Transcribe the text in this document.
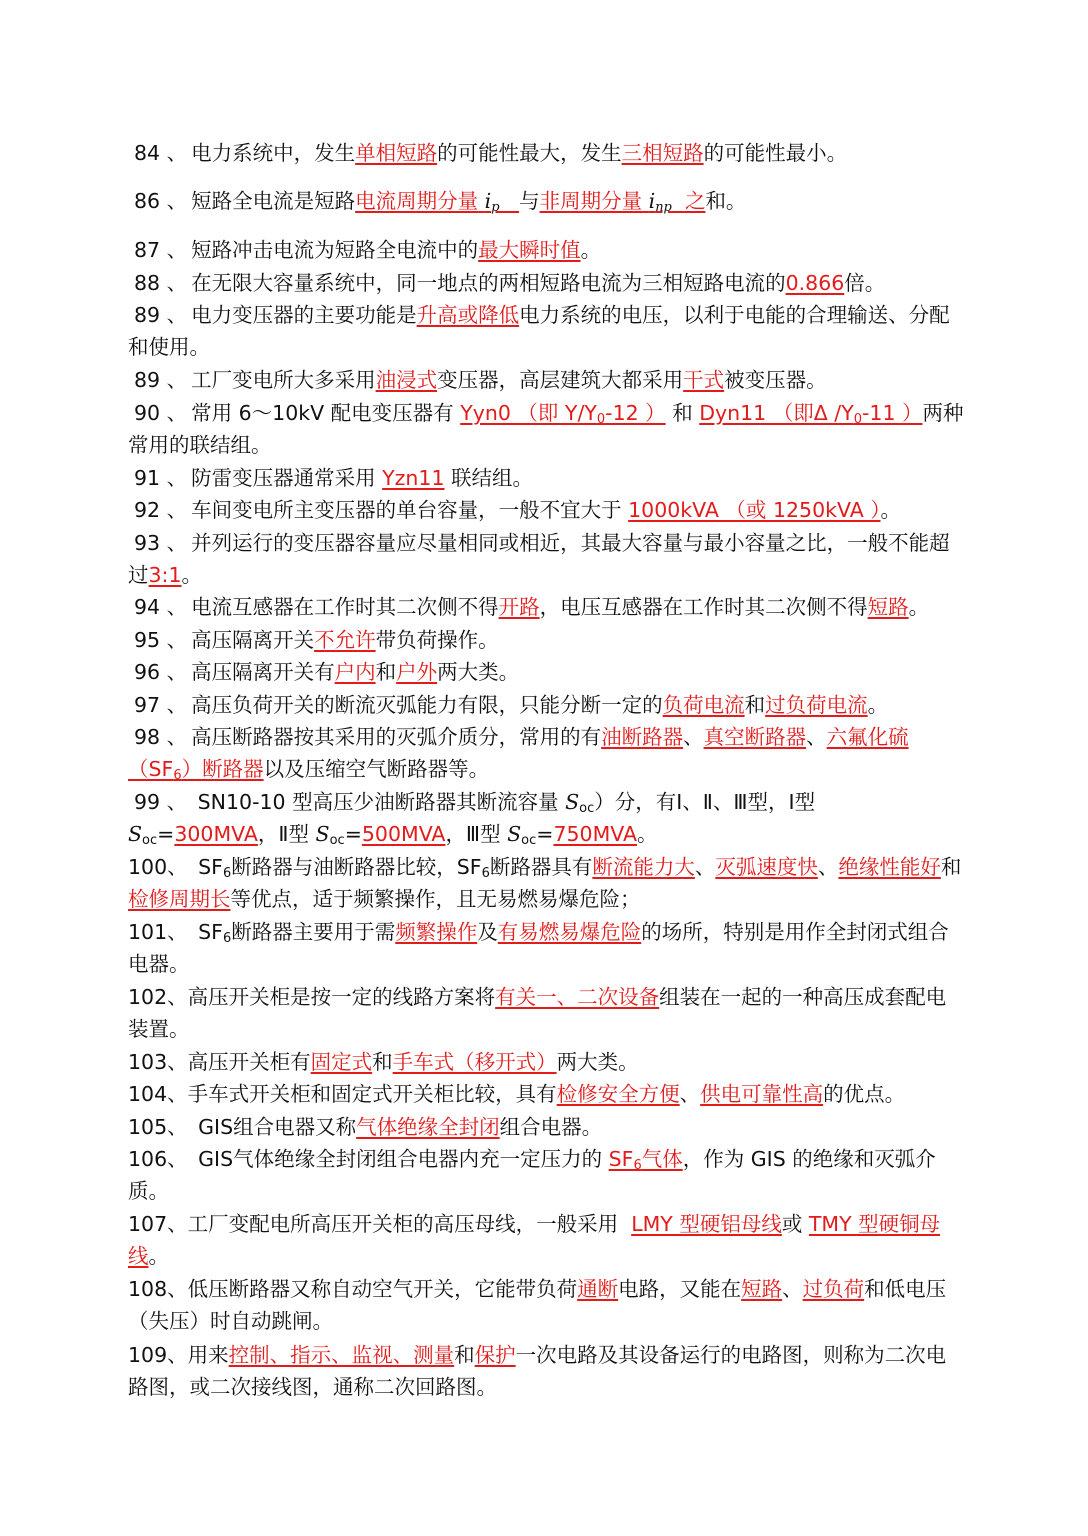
84 、 电力系统中，发生单相短路的可能性最大，发生三相短路的可能性最小。
86 、 短路全电流是短路电流周期分量 $i_p$ 与非周期分量 $i_{np}$ 之和。
87 、 短路冲击电流为短路全电流中的最大瞬时值。
88 、 在无限大容量系统中，同一地点的两相短路电流为三相短路电流的0.866倍。
89 、 电力变压器的主要功能是升高或降低电力系统的电压，以利于电能的合理输送、分配和使用。
89 、 工厂变电所大多采用油浸式变压器，高层建筑大都采用干式被变压器。
90 、 常用 6〜10kV 配电变压器有 Yyn0 （即 $Y/Y_0-12$ ） 和 Dyn11 （即Δ $/Y_0-11$ ）两种常用的联结组。
91 、 防雷变压器通常采用 Yzn11 联结组。
92 、 车间变电所主变压器的单台容量，一般不宜大于 1000kVA （或 1250kVA ）。
93 、 并列运行的变压器容量应尽量相同或相近，其最大容量与最小容量之比，一般不能超过3:1。
94 、 电流互感器在工作时其二次侧不得开路，电压互感器在工作时其二次侧不得短路。
95 、 高压隔离开关不允许带负荷操作。
96 、 高压隔离开关有户内和户外两大类。
97 、 高压负荷开关的断流灭弧能力有限，只能分断一定的负荷电流和过负荷电流。
98 、 高压断路器按其采用的灭弧介质分，常用的有油断路器、真空断路器、六氟化硫$(SF_6)$断路器以及压缩空气断路器等。
99 、 SN10-10 型高压少油断路器其断流容量 $S_{oc}$）分，有Ⅰ、Ⅱ、Ⅲ型，Ⅰ型$S_{oc}=300MVA$，Ⅱ型 $S_{oc}=500MVA$，Ⅲ型 $S_{oc}=750MVA$。
100、 $SF_6$断路器与油断路器比较，$SF_6$断路器具有断流能力大、灭弧速度快、绝缘性能好和检修周期长等优点，适于频繁操作，且无易燃易爆危险；
101、 $SF_6$断路器主要用于需频繁操作及有易燃易爆危险的场所，特别是用作全封闭式组合电器。
102、高压开关柜是按一定的线路方案将有关一、二次设备组装在一起的一种高压成套配电装置。
103、高压开关柜有固定式和手车式（移开式）两大类。
104、手车式开关柜和固定式开关柜比较，具有检修安全方便、供电可靠性高的优点。
105、 GIS组合电器又称气体绝缘全封闭组合电器。
106、 GIS气体绝缘全封闭组合电器内充一定压力的 $SF_6$气体，作为 GIS 的绝缘和灭弧介质。
107、工厂变配电所高压开关柜的高压母线，一般采用 LMY 型硬铝母线或 TMY 型硬铜母线。
108、低压断路器又称自动空气开关，它能带负荷通断电路，又能在短路、过负荷和低电压（失压）时自动跳闸。
109、用来控制、指示、监视、测量和保护一次电路及其设备运行的电路图，则称为二次电路图，或二次接线图，通称二次回路图。
